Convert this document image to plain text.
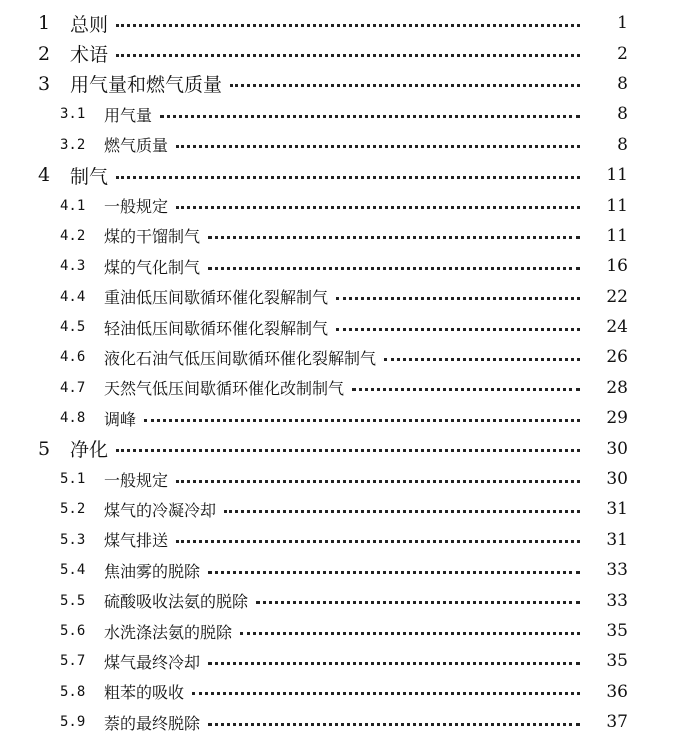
1	总则	1
2	术语	2
3	用气量和燃气质量	8
3.1	用气量	8
3.2	燃气质量	8
4	制气	11
4.1	一般规定	11
4.2	煤的干馏制气	11
4.3	煤的气化制气	16
4.4	重油低压间歇循环催化裂解制气	22
4.5	轻油低压间歇循环催化裂解制气	24
4.6	液化石油气低压间歇循环催化裂解制气	26
4.7	天然气低压间歇循环催化改制制气	28
4.8	调峰	29
5	净化	30
5.1	一般规定	30
5.2	煤气的冷凝冷却	31
5.3	煤气排送	31
5.4	焦油雾的脱除	33
5.5	硫酸吸收法氨的脱除	33
5.6	水洗涤法氨的脱除	35
5.7	煤气最终冷却	35
5.8	粗苯的吸收	36
5.9	萘的最终脱除	37
